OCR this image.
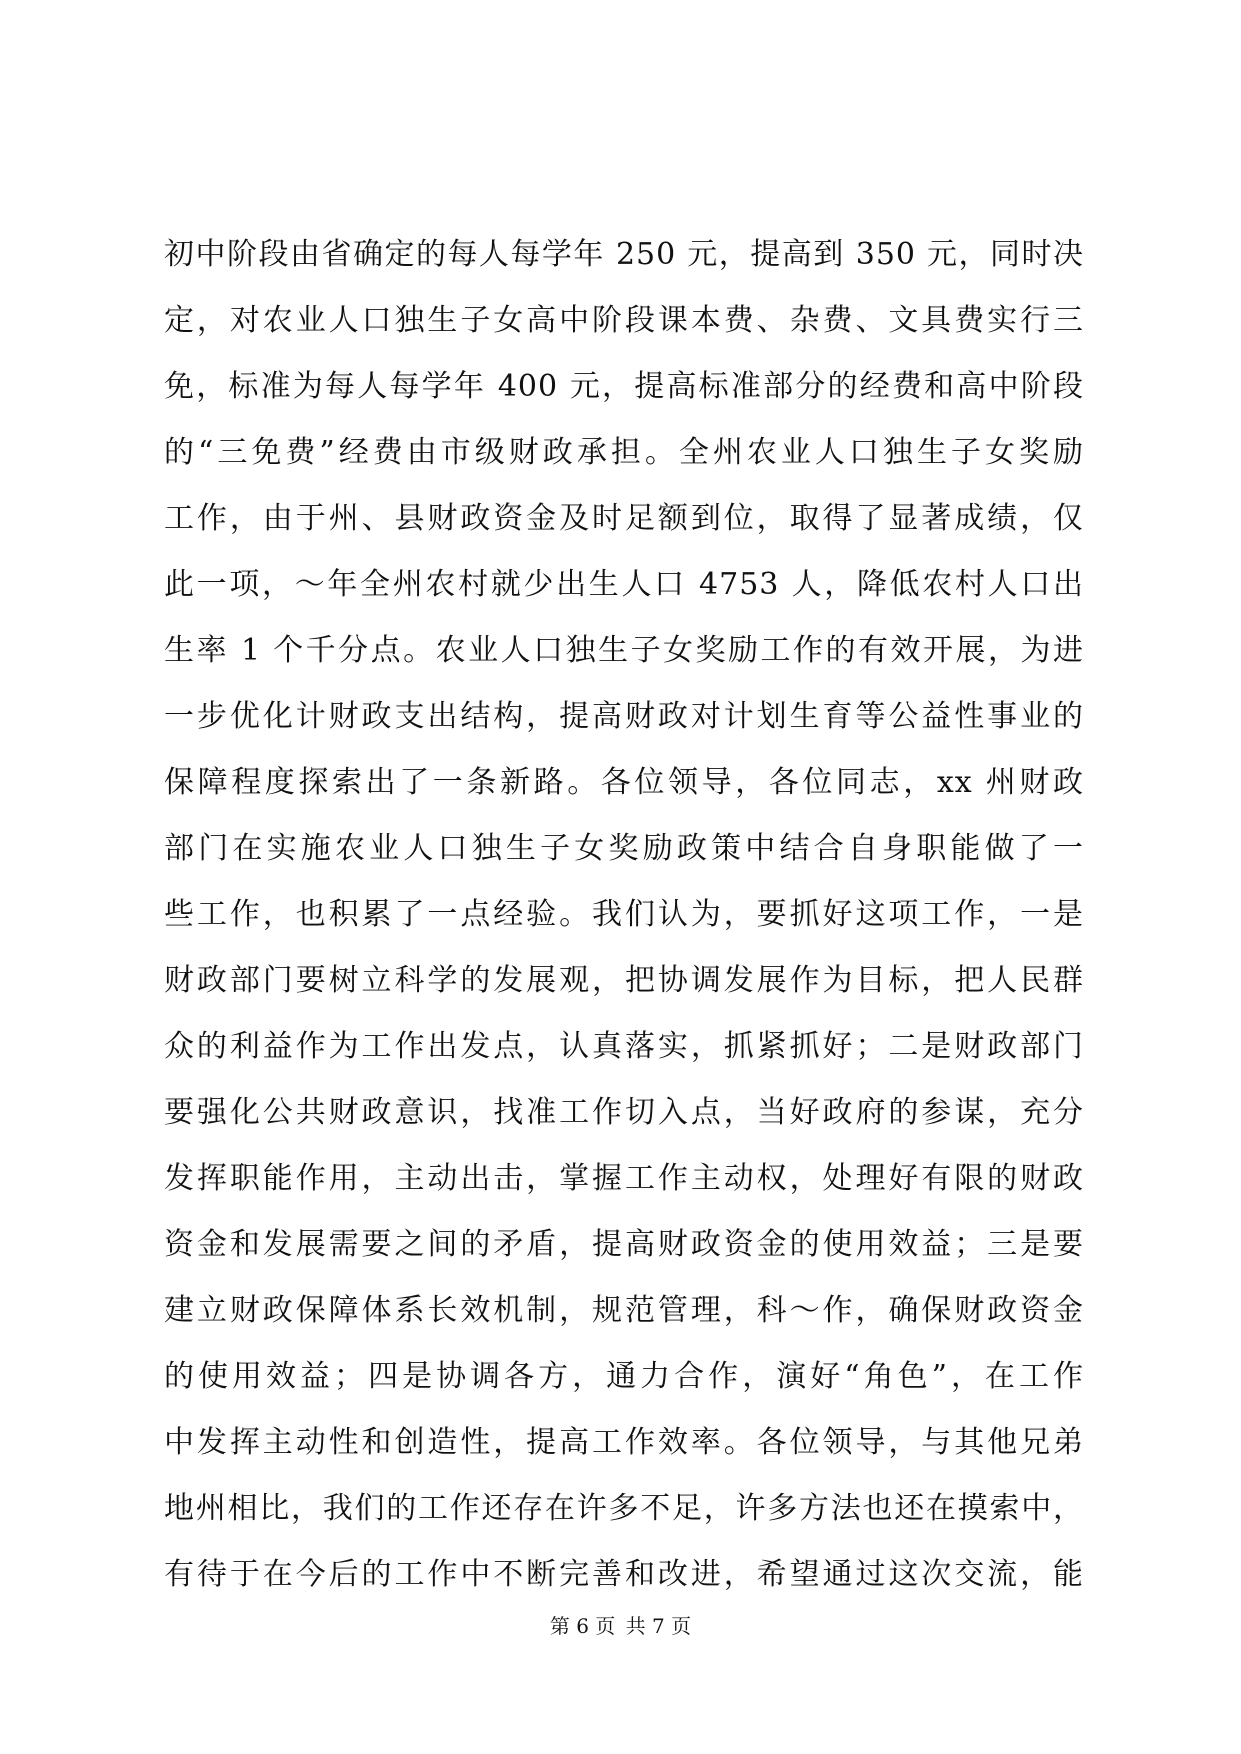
初中阶段由省确定的每人每学年 250 元，提高到 350 元，同时决
定，对农业人口独生子女高中阶段课本费、杂费、文具费实行三
免，标准为每人每学年 400 元，提高标准部分的经费和高中阶段
的“三免费”经费由市级财政承担。全州农业人口独生子女奖励
工作，由于州、县财政资金及时足额到位，取得了显著成绩，仅
此一项，～年全州农村就少出生人口 4753 人，降低农村人口出
生率 1 个千分点。农业人口独生子女奖励工作的有效开展，为进
一步优化计财政支出结构，提高财政对计划生育等公益性事业的
保障程度探索出了一条新路。各位领导，各位同志，xx 州财政
部门在实施农业人口独生子女奖励政策中结合自身职能做了一
些工作，也积累了一点经验。我们认为，要抓好这项工作，一是
财政部门要树立科学的发展观，把协调发展作为目标，把人民群
众的利益作为工作出发点，认真落实，抓紧抓好；二是财政部门
要强化公共财政意识，找准工作切入点，当好政府的参谋，充分
发挥职能作用，主动出击，掌握工作主动权，处理好有限的财政
资金和发展需要之间的矛盾，提高财政资金的使用效益；三是要
建立财政保障体系长效机制，规范管理，科～作，确保财政资金
的使用效益；四是协调各方，通力合作，演好“角色”，在工作
中发挥主动性和创造性，提高工作效率。各位领导，与其他兄弟
地州相比，我们的工作还存在许多不足，许多方法也还在摸索中，
有待于在今后的工作中不断完善和改进，希望通过这次交流，能
第 6 页 共 7 页
